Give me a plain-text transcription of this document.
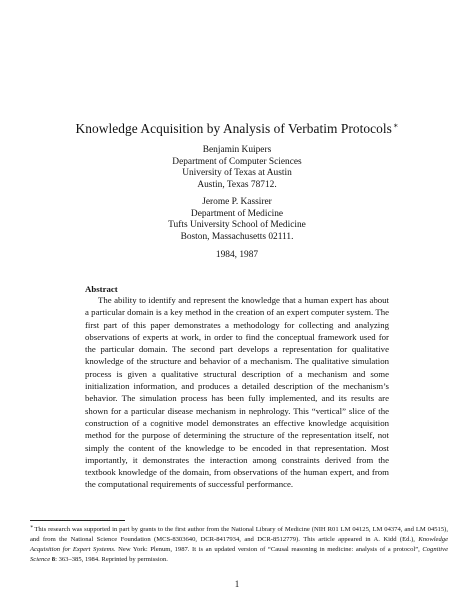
Knowledge Acquisition by Analysis of Verbatim Protocols∗
Benjamin Kuipers
Department of Computer Sciences
University of Texas at Austin
Austin, Texas 78712.
Jerome P. Kassirer
Department of Medicine
Tufts University School of Medicine
Boston, Massachusetts 02111.
1984, 1987
Abstract
The ability to identify and represent the knowledge that a human expert has about a particular domain is a key method in the creation of an expert computer system. The first part of this paper demonstrates a methodology for collecting and analyzing observations of experts at work, in order to find the conceptual framework used for the particular domain. The second part develops a representation for qualitative knowledge of the structure and behavior of a mechanism. The qualitative simulation process is given a qualitative structural description of a mechanism and some initialization information, and produces a detailed description of the mechanism’s behavior. The simulation process has been fully implemented, and its results are shown for a particular disease mechanism in nephrology. This “vertical” slice of the construction of a cognitive model demonstrates an effective knowledge acquisition method for the purpose of determining the structure of the representation itself, not simply the content of the knowledge to be encoded in that representation. Most importantly, it demonstrates the interaction among constraints derived from the textbook knowledge of the domain, from observations of the human expert, and from the computational requirements of successful performance.
∗This research was supported in part by grants to the first author from the National Library of Medicine (NIH R01 LM 04125, LM 04374, and LM 04515), and from the National Science Foundation (MCS-8303640, DCR-8417934, and DCR-8512779). This article appeared in A. Kidd (Ed.), Knowledge Acquisition for Expert Systems. New York: Plenum, 1987. It is an updated version of “Causal reasoning in medicine: analysis of a protocol”, Cognitive Science 8: 363–385, 1984. Reprinted by permission.
1
